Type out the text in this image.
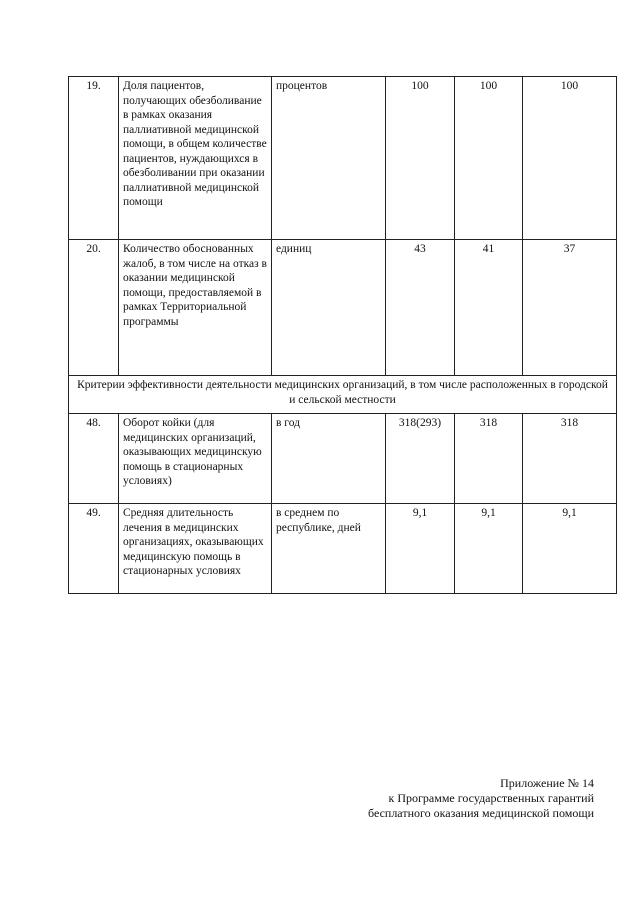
19.	Доля пациентов, получающих обезболивание в рамках оказания паллиативной медицинской помощи, в общем количестве пациентов, нуждающихся в обезболивании при оказании паллиативной медицинской помощи	процентов	100	100	100
20.	Количество обоснованных жалоб, в том числе на отказ в оказании медицинской помощи, предоставляемой в рамках Территориальной программы	единиц	43	41	37
Критерии эффективности деятельности медицинских организаций, в том числе расположенных в городской и сельской местности					
48.	Оборот койки (для медицинских организаций, оказывающих медицинскую помощь в стационарных условиях)	в год	318(293)	318	318
49.	Средняя длительность лечения в медицинских организациях, оказывающих медицинскую помощь в стационарных условиях	в среднем по республике, дней	9,1	9,1	9,1
Приложение № 14
к Программе государственных гарантий
бесплатного оказания медицинской помощи
